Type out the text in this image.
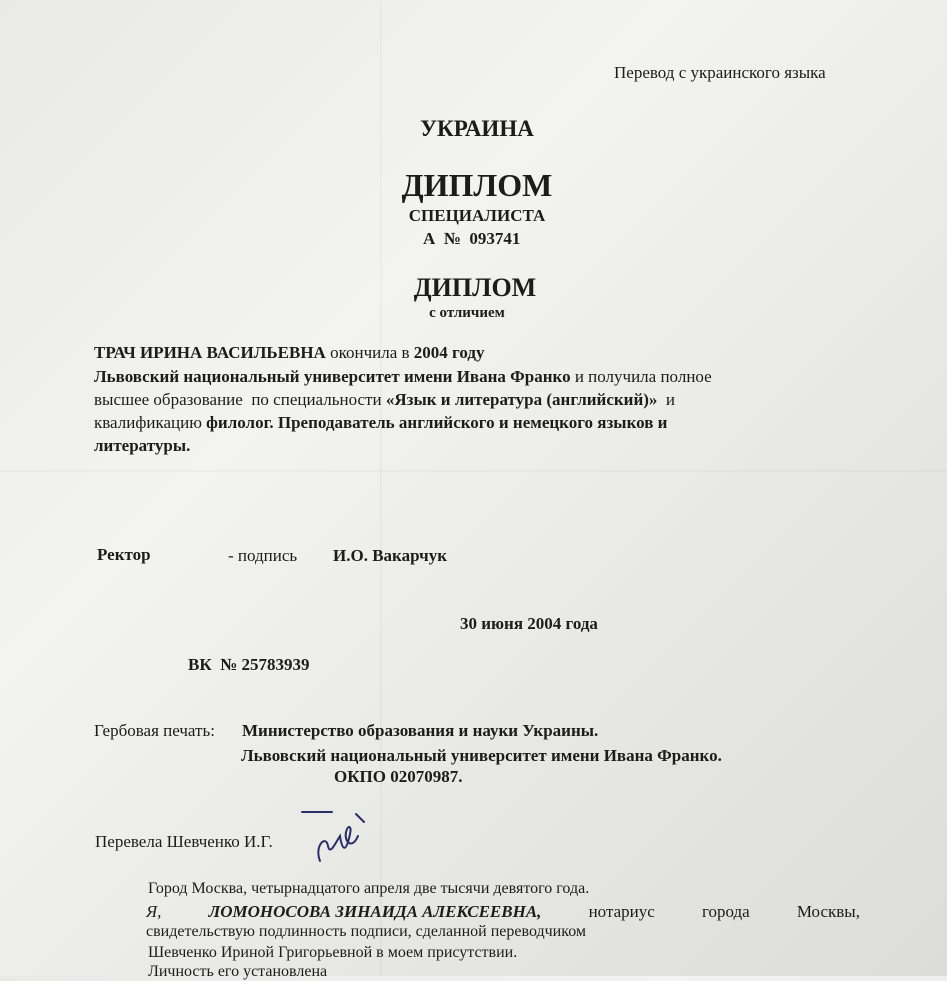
Перевод с украинского языка
УКРАИНА
ДИПЛОМ
СПЕЦИАЛИСТА
А  №  093741
ДИПЛОМ
с отличием
ТРАЧ ИРИНА ВАСИЛЬЕВНА окончила в 2004 году
Львовский национальный университет имени Ивана Франко и получила полное
высшее образование  по специальности «Язык и литература (английский)»  и
квалификацию филолог. Преподаватель английского и немецкого языков и
литературы.
Ректор	- подпись И.О. Вакарчук
30 июня 2004 года
ВК  № 25783939
Гербовая печать: Министерство образования и науки Украины.
Львовский национальный университет имени Ивана Франко.
ОКПО 02070987.
Перевела Шевченко И.Г.
Город Москва, четырнадцатого апреля две тысячи девятого года.
Я,	ЛОМОНОСОВА ЗИНАИДА АЛЕКСЕЕВНА,	нотариус	города	Москвы,
свидетельствую подлинность подписи, сделанной переводчиком
Шевченко Ириной Григорьевной в моем присутствии.
Личность его установлена
